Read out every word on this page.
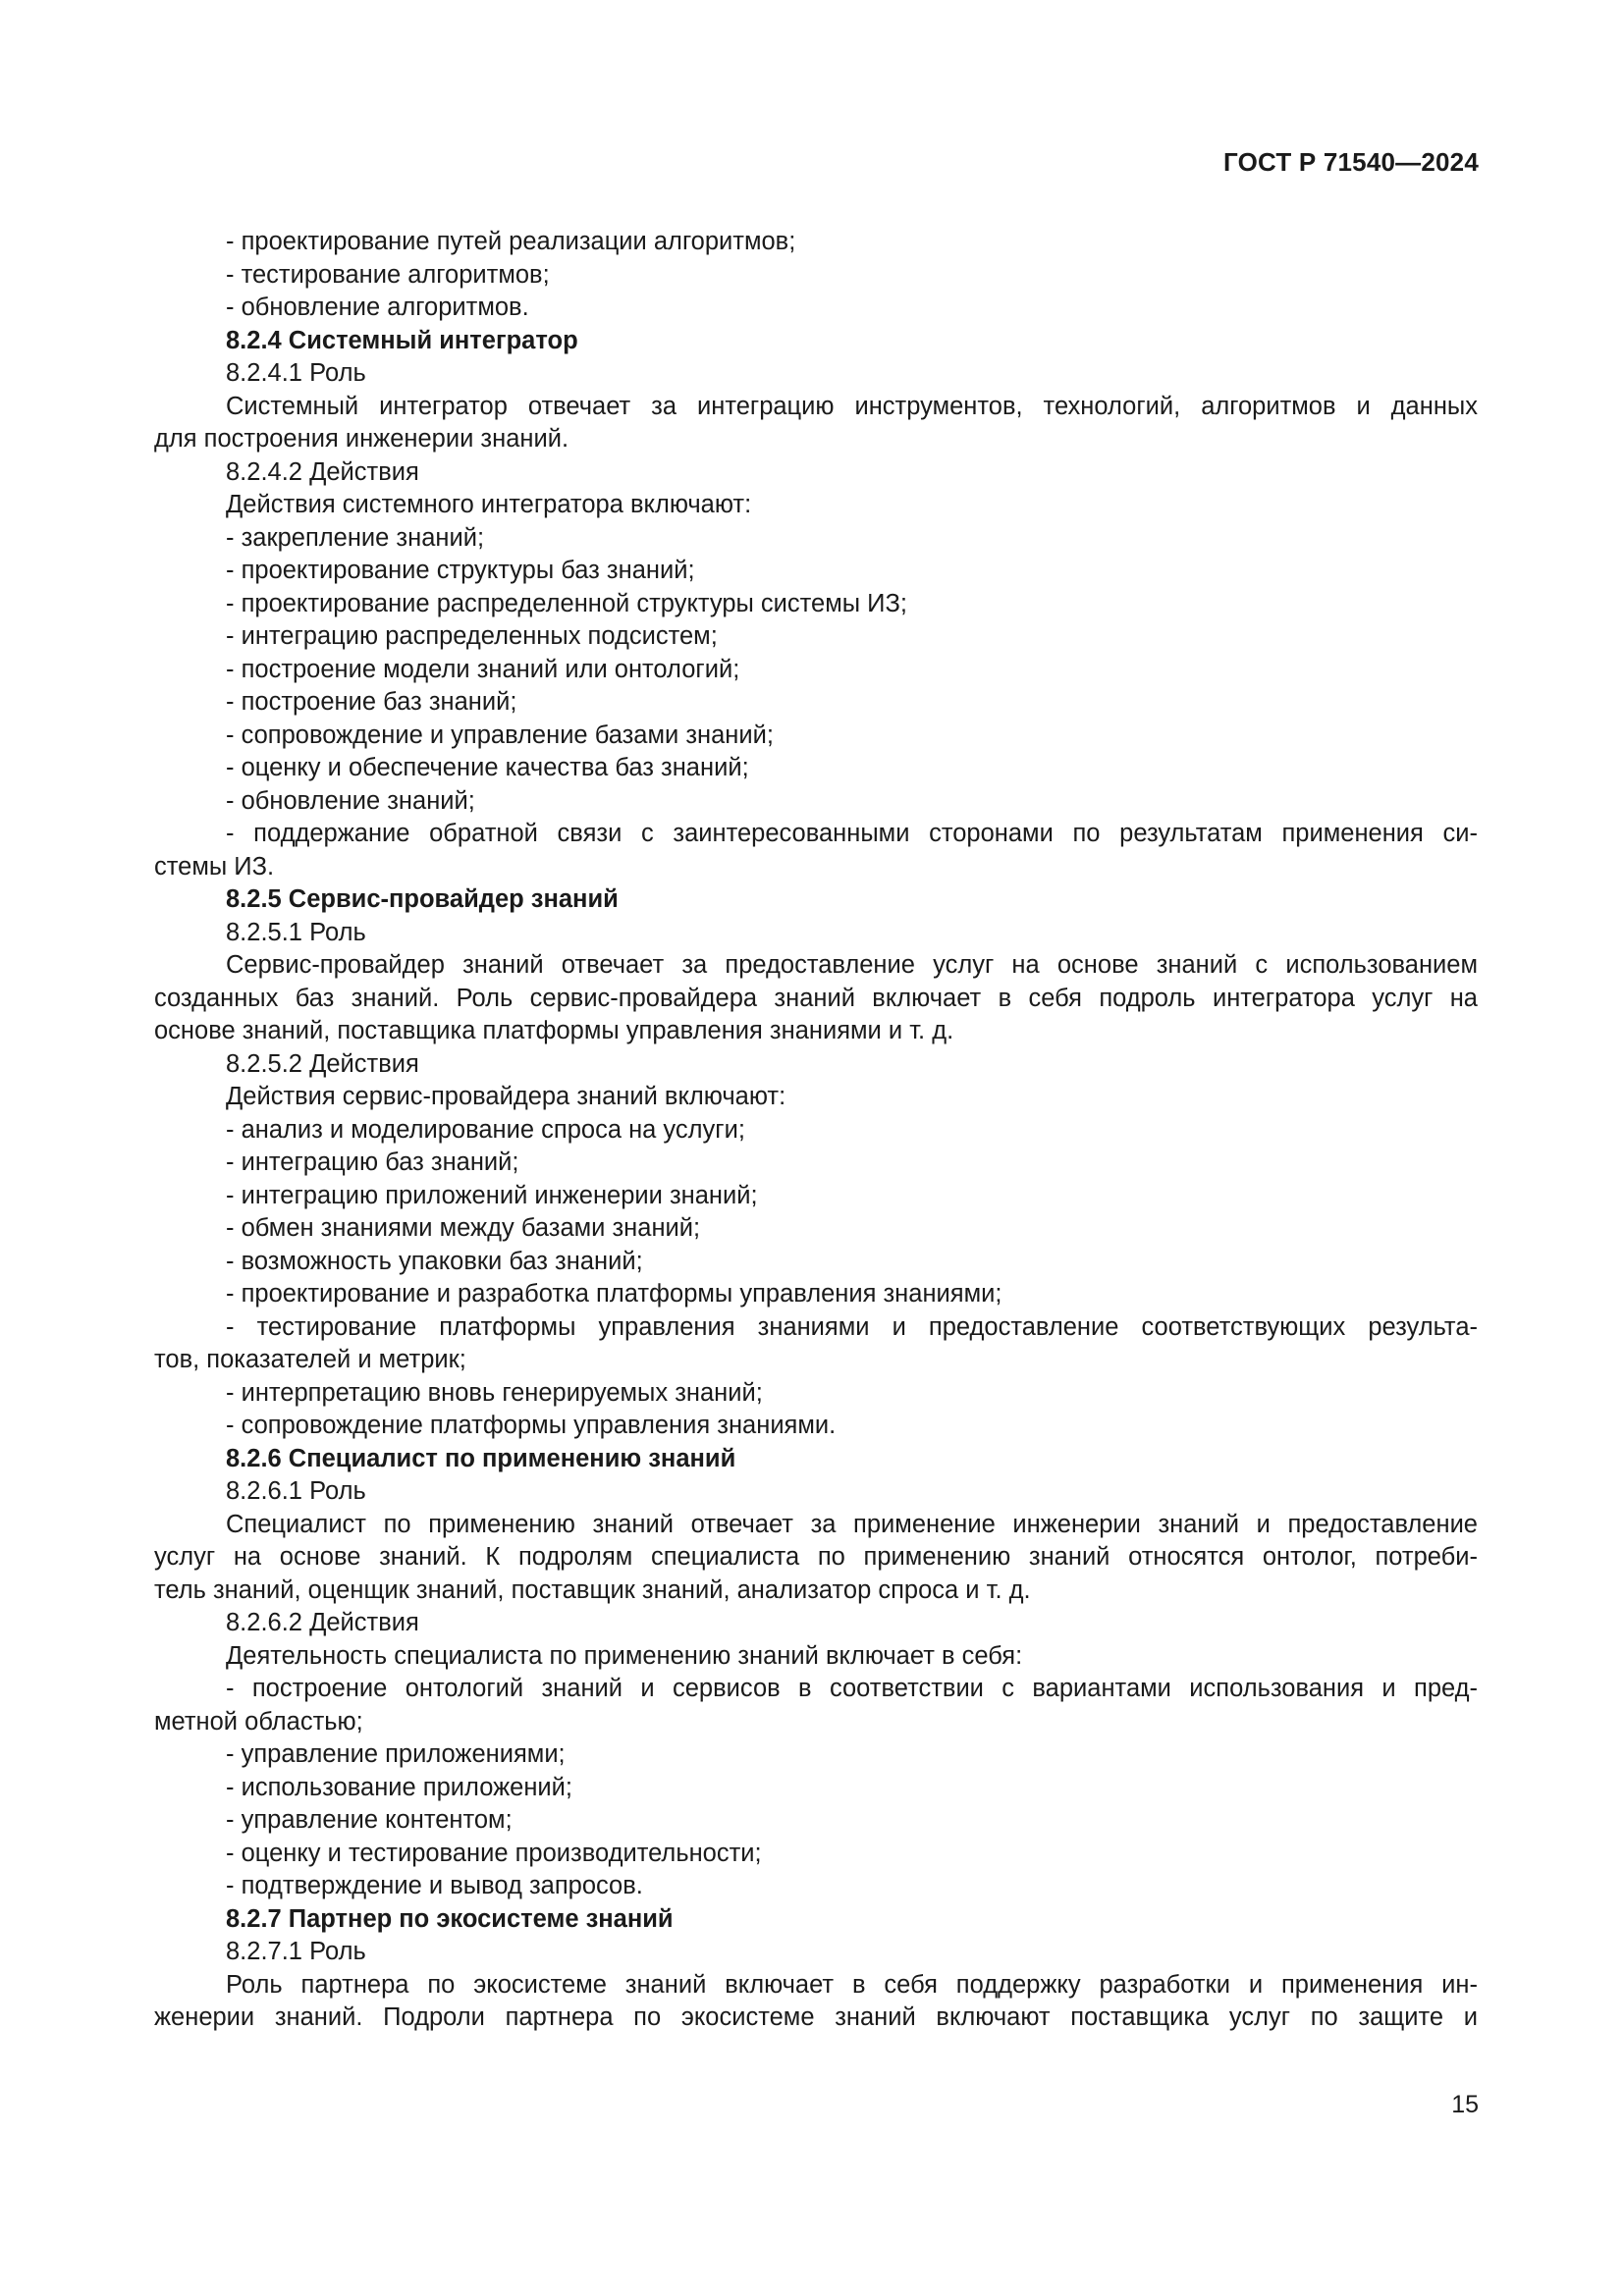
ГОСТ Р 71540—2024

- проектирование путей реализации алгоритмов;

- тестирование алгоритмов;

- обновление алгоритмов.

8.2.4 Системный интегратор

8.2.4.1 Роль

Системный интегратор отвечает за интеграцию инструментов, технологий, алгоритмов и данных

для построения инженерии знаний.

8.2.4.2 Действия

Действия системного интегратора включают:

- закрепление знаний;

- проектирование структуры баз знаний;

- проектирование распределенной структуры системы ИЗ;

- интеграцию распределенных подсистем;

- построение модели знаний или онтологий;

- построение баз знаний;

- сопровождение и управление базами знаний;

- оценку и обеспечение качества баз знаний;

- обновление знаний;

- поддержание обратной связи с заинтересованными сторонами по результатам применения си-

стемы ИЗ.

8.2.5 Сервис-провайдер знаний

8.2.5.1 Роль

Сервис-провайдер знаний отвечает за предоставление услуг на основе знаний с использованием

созданных баз знаний. Роль сервис-провайдера знаний включает в себя подроль интегратора услуг на

основе знаний, поставщика платформы управления знаниями и т. д.

8.2.5.2 Действия

Действия сервис-провайдера знаний включают:

- анализ и моделирование спроса на услуги;

- интеграцию баз знаний;

- интеграцию приложений инженерии знаний;

- обмен знаниями между базами знаний;

- возможность упаковки баз знаний;

- проектирование и разработка платформы управления знаниями;

- тестирование платформы управления знаниями и предоставление соответствующих результа-

тов, показателей и метрик;

- интерпретацию вновь генерируемых знаний;

- сопровождение платформы управления знаниями.

8.2.6 Специалист по применению знаний

8.2.6.1 Роль

Специалист по применению знаний отвечает за применение инженерии знаний и предоставление

услуг на основе знаний. К подролям специалиста по применению знаний относятся онтолог, потреби-

тель знаний, оценщик знаний, поставщик знаний, анализатор спроса и т. д.

8.2.6.2 Действия

Деятельность специалиста по применению знаний включает в себя:

- построение онтологий знаний и сервисов в соответствии с вариантами использования и пред-

метной областью;

- управление приложениями;

- использование приложений;

- управление контентом;

- оценку и тестирование производительности;

- подтверждение и вывод запросов.

8.2.7 Партнер по экосистеме знаний

8.2.7.1 Роль

Роль партнера по экосистеме знаний включает в себя поддержку разработки и применения ин-

женерии знаний. Подроли партнера по экосистеме знаний включают поставщика услуг по защите и

15
